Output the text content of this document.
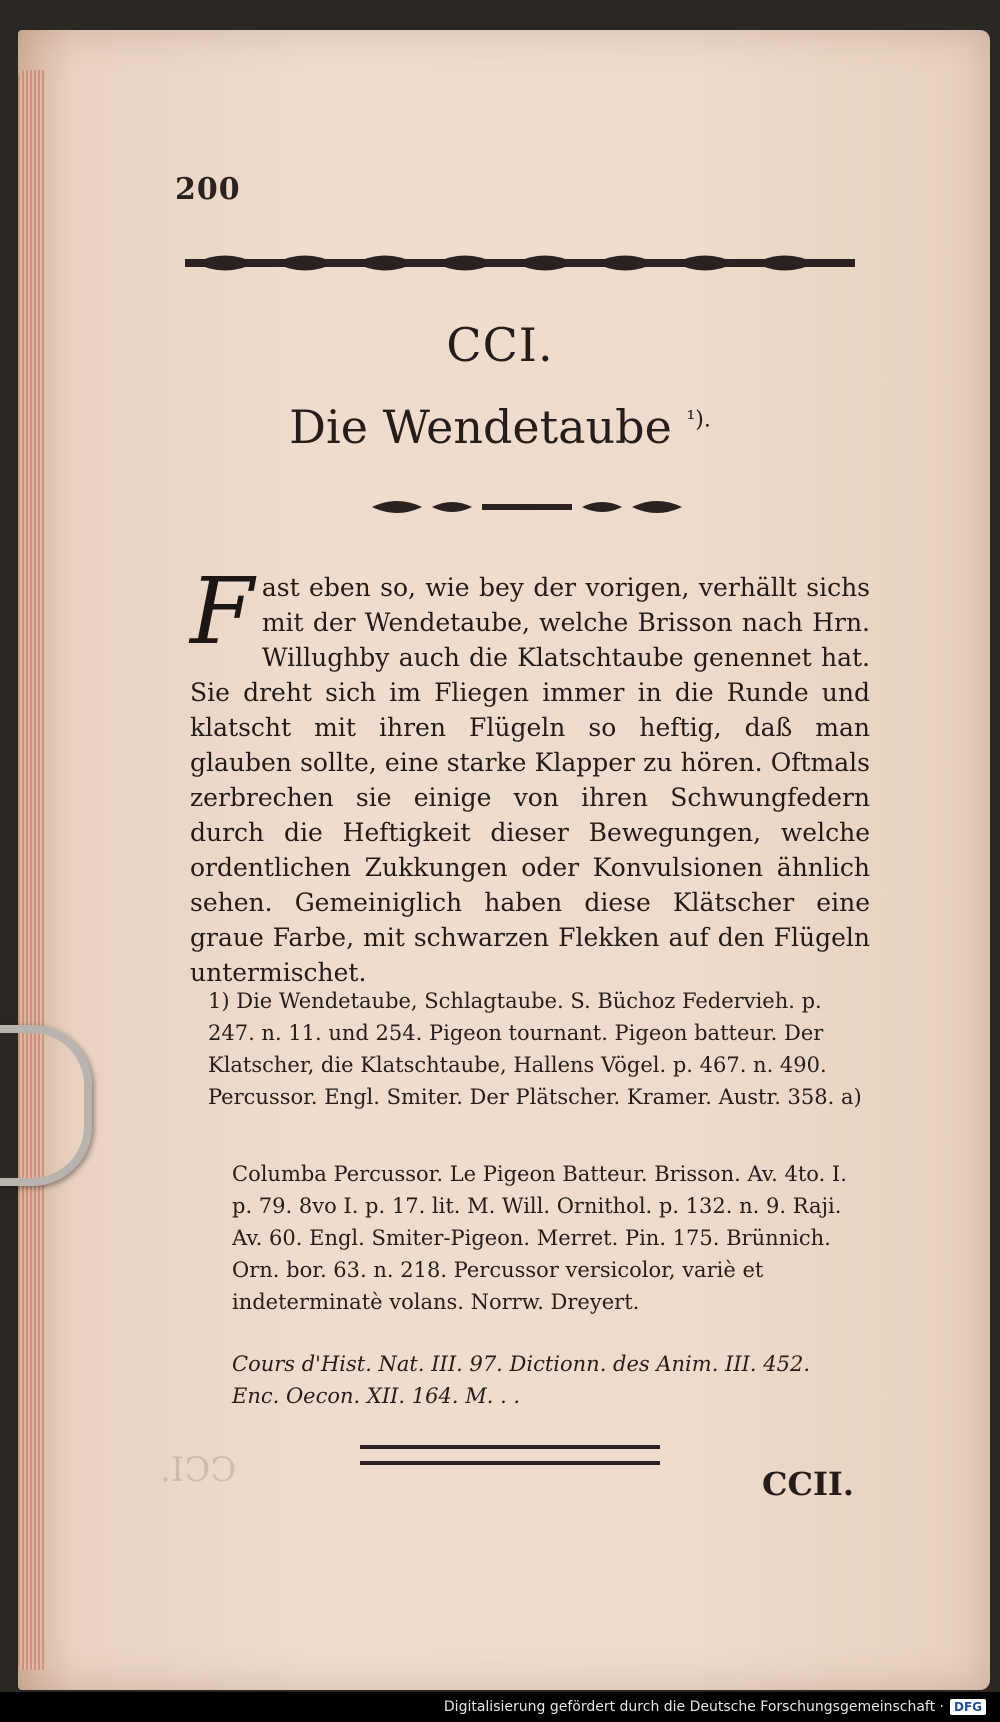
200
CCI.
Die Wendetaube $^{^1).}$
F ast eben so, wie bey der vorigen, verhällt sichs mit der Wendetaube, welche Brisson nach Hrn. Willughby auch die Klatschtaube genennet hat. Sie dreht sich im Fliegen immer in die Runde und klatscht mit ihren Flügeln so heftig, daß man glauben sollte, eine starke Klapper zu hören. Oftmals zerbrechen sie einige von ihren Schwungfedern durch die Heftigkeit dieser Bewegungen, welche ordentlichen Zukkungen oder Konvulsionen ähnlich sehen. Gemeiniglich haben diese Klätscher eine graue Farbe, mit schwarzen Flekken auf den Flügeln untermischet.
1) Die Wendetaube, Schlagtaube. S. Büchoz Federvieh. p. 247. n. 11. und 254. Pigeon tournant. Pigeon batteur. Der Klatscher, die Klatschtaube, Hallens Vögel. p. 467. n. 490. Percussor. Engl. Smiter. Der Plätscher. Kramer. Austr. 358. a)
Columba Percussor. Le Pigeon Batteur. Brisson. Av. 4to. I. p. 79. 8vo I. p. 17. lit. M. Will. Ornithol. p. 132. n. 9. Raji. Av. 60. Engl. Smiter-Pigeon. Merret. Pin. 175. Brünnich. Orn. bor. 63. n. 218. Percussor versicolor, variè et indeterminatè volans. Norrw. Dreyert.
Cours d'Hist. Nat. III. 97. Dictionn. des Anim. III. 452. Enc. Oecon. XII. 164. M. . .
CCI.	CCII.
Digitalisierung gefördert durch die Deutsche Forschungsgemeinschaft · DFG
